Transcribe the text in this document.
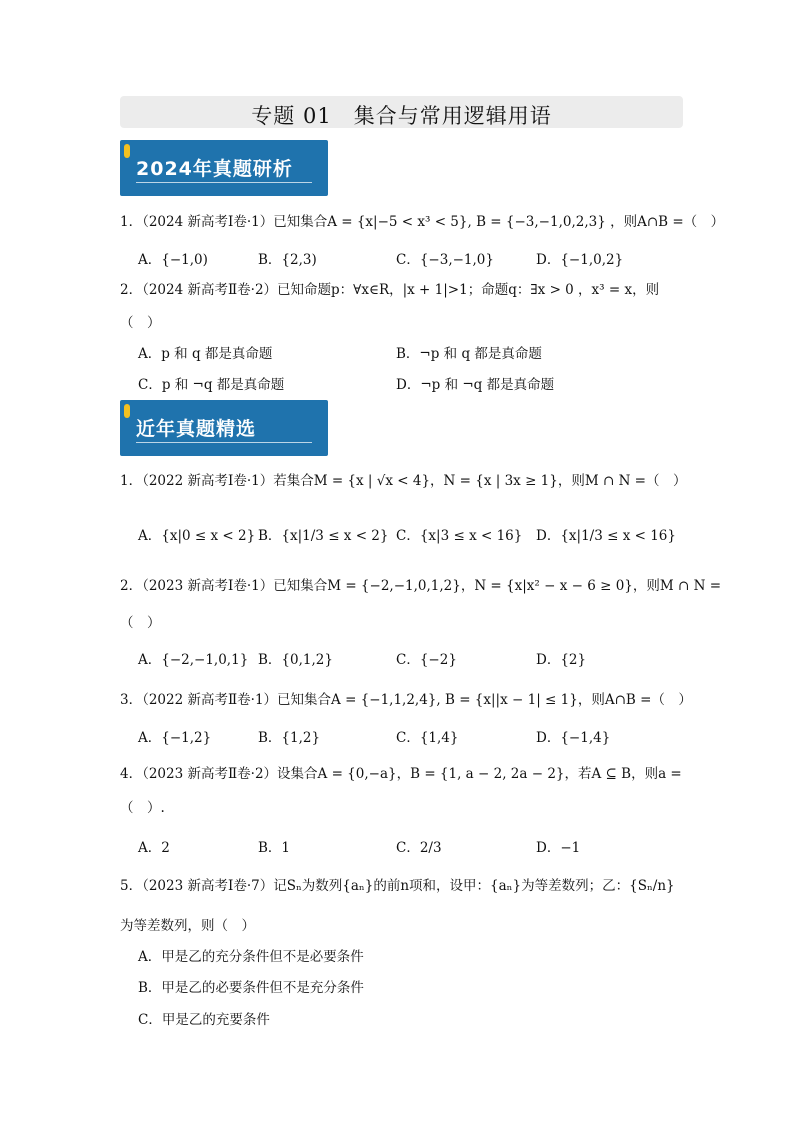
专题 01　集合与常用逻辑用语
2024年真题研析
1．（2024 新高考Ⅰ卷·1）已知集合A = {x|−5 < x³ < 5}, B = {−3,−1,0,2,3} ，则A∩B =（　）
A．{−1,0)	B．{2,3)	C．{−3,−1,0}	D．{−1,0,2}
2．（2024 新高考Ⅱ卷·2）已知命题p：∀x∈R，|x + 1|>1；命题q：∃x > 0 ，x³ = x，则
（　）
A．p 和 q 都是真命题	B．¬p 和 q 都是真命题
C．p 和 ¬q 都是真命题	D．¬p 和 ¬q 都是真命题
近年真题精选
1．（2022 新高考Ⅰ卷·1）若集合M = {x | √x < 4}，N = {x | 3x ≥ 1}，则M ∩ N =（　）
A．{x|0 ≤ x < 2} B．{x|1/3 ≤ x < 2} C．{x|3 ≤ x < 16} D．{x|1/3 ≤ x < 16}
2．（2023 新高考Ⅰ卷·1）已知集合M = {−2,−1,0,1,2}，N = {x|x² − x − 6 ≥ 0}，则M ∩ N =
（　）
A．{−2,−1,0,1} B．{0,1,2}	C．{−2}	D．{2}
3．（2022 新高考Ⅱ卷·1）已知集合A = {−1,1,2,4}, B = {x||x − 1| ≤ 1}，则A∩B =（　）
A．{−1,2}	B．{1,2}	C．{1,4}	D．{−1,4}
4．（2023 新高考Ⅱ卷·2）设集合A = {0,−a}，B = {1, a − 2, 2a − 2}，若A ⊆ B，则a =
（　）.
A．2	B．1	C．2/3	D．−1
5．（2023 新高考Ⅰ卷·7）记Sₙ为数列{aₙ}的前n项和，设甲：{aₙ}为等差数列；乙：{Sₙ/n}
为等差数列，则（　）
A．甲是乙的充分条件但不是必要条件
B．甲是乙的必要条件但不是充分条件
C．甲是乙的充要条件
